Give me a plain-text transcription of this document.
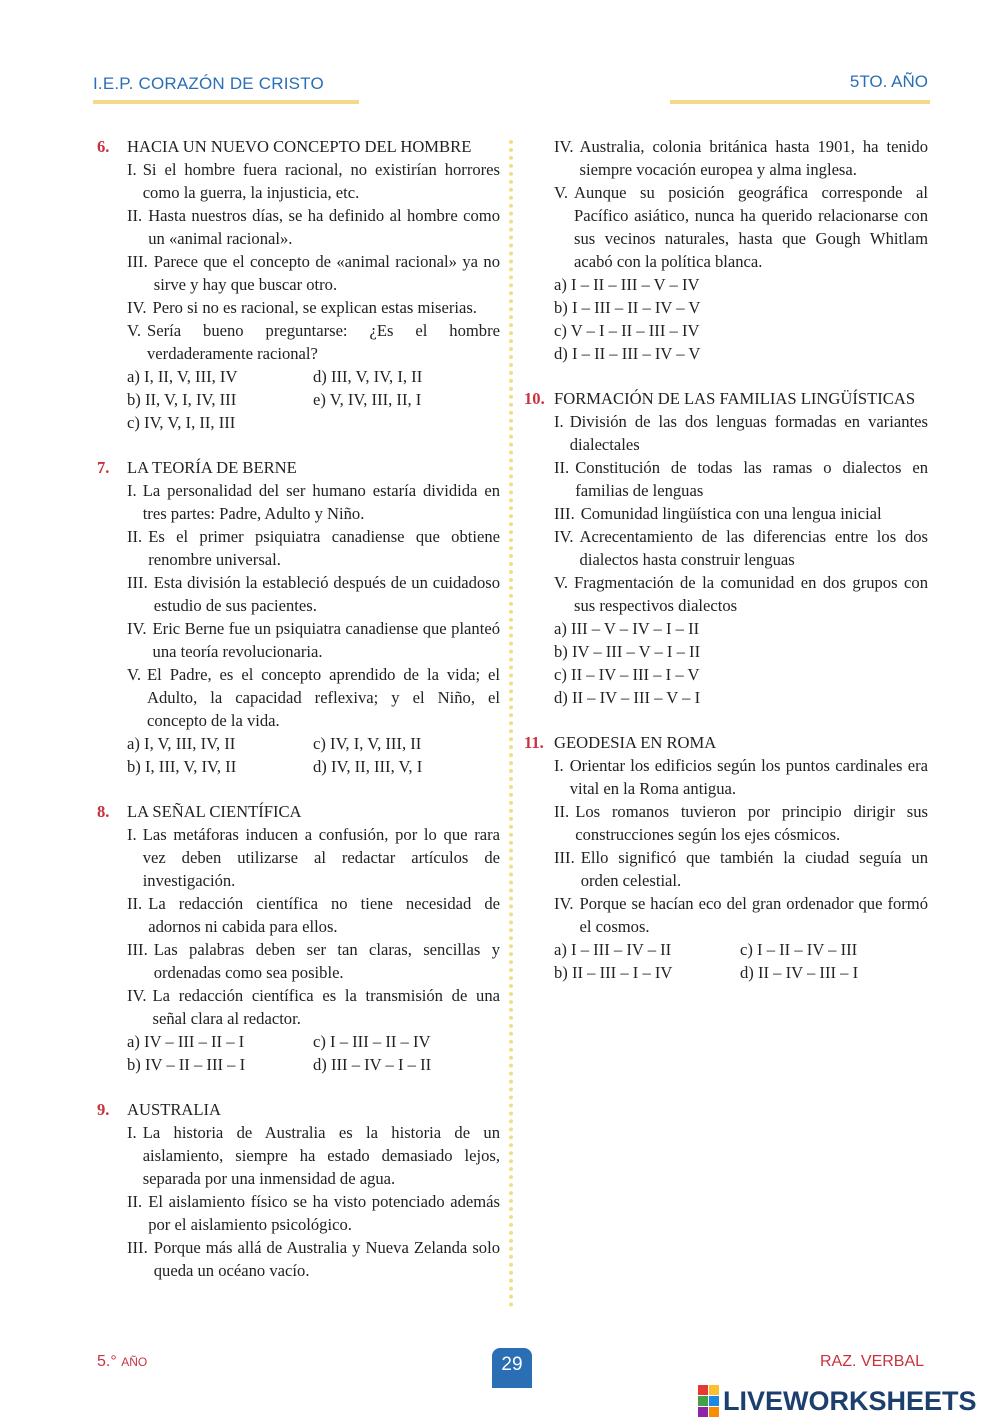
I.E.P. CORAZÓN DE CRISTO	5TO. AÑO
6.	HACIA UN NUEVO CONCEPTO DEL HOMBRE
I. Si el hombre fuera racional, no existirían horrores como la guerra, la injusticia, etc.
II. Hasta nuestros días, se ha definido al hombre como un «animal racional».
III. Parece que el concepto de «animal racional» ya no sirve y hay que buscar otro.
IV. Pero si no es racional, se explican estas miserias.
V. Sería bueno preguntarse: ¿Es el hombre verdaderamente racional?
a) I, II, V, III, IV	d) III, V, IV, I, II
b) II, V, I, IV, III	e) V, IV, III, II, I
c) IV, V, I, II, III
7.	LA TEORÍA DE BERNE
I. La personalidad del ser humano estaría dividida en tres partes: Padre, Adulto y Niño.
II. Es el primer psiquiatra canadiense que obtiene renombre universal.
III. Esta división la estableció después de un cuidadoso estudio de sus pacientes.
IV. Eric Berne fue un psiquiatra canadiense que planteó una teoría revolucionaria.
V. El Padre, es el concepto aprendido de la vida; el Adulto, la capacidad reflexiva; y el Niño, el concepto de la vida.
a) I, V, III, IV, II	c) IV, I, V, III, II
b) I, III, V, IV, II	d) IV, II, III, V, I
8.	LA SEÑAL CIENTÍFICA
I. Las metáforas inducen a confusión, por lo que rara vez deben utilizarse al redactar artículos de investigación.
II. La redacción científica no tiene necesidad de adornos ni cabida para ellos.
III. Las palabras deben ser tan claras, sencillas y ordenadas como sea posible.
IV. La redacción científica es la transmisión de una señal clara al redactor.
a) IV – III – II – I	c) I – III – II – IV
b) IV – II – III – I	d) III – IV – I – II
9.	AUSTRALIA
I. La historia de Australia es la historia de un aislamiento, siempre ha estado demasiado lejos, separada por una inmensidad de agua.
II. El aislamiento físico se ha visto potenciado además por el aislamiento psicológico.
III. Porque más allá de Australia y Nueva Zelanda solo queda un océano vacío.
IV. Australia, colonia británica hasta 1901, ha tenido siempre vocación europea y alma inglesa.
V. Aunque su posición geográfica corresponde al Pacífico asiático, nunca ha querido relacionarse con sus vecinos naturales, hasta que Gough Whitlam acabó con la política blanca.
a) I – II – III – V – IV
b) I – III – II – IV – V
c) V – I – II – III – IV
d) I – II – III – IV – V
10. FORMACIÓN DE LAS FAMILIAS LINGÜÍSTICAS
I. División de las dos lenguas formadas en variantes dialectales
II. Constitución de todas las ramas o dialectos en familias de lenguas
III. Comunidad lingüística con una lengua inicial
IV. Acrecentamiento de las diferencias entre los dos dialectos hasta construir lenguas
V. Fragmentación de la comunidad en dos grupos con sus respectivos dialectos
a) III – V – IV – I – II
b) IV – III – V – I – II
c) II – IV – III – I – V
d) II – IV – III – V – I
11. GEODESIA EN ROMA
I. Orientar los edificios según los puntos cardinales era vital en la Roma antigua.
II. Los romanos tuvieron por principio dirigir sus construcciones según los ejes cósmicos.
III. Ello significó que también la ciudad seguía un orden celestial.
IV. Porque se hacían eco del gran ordenador que formó el cosmos.
a) I – III – IV – II	c) I – II – IV – III
b) II – III – I – IV	d) II – IV – III – I
5.° AÑO	29	RAZ. VERBAL
LIVEWORKSHEETS
